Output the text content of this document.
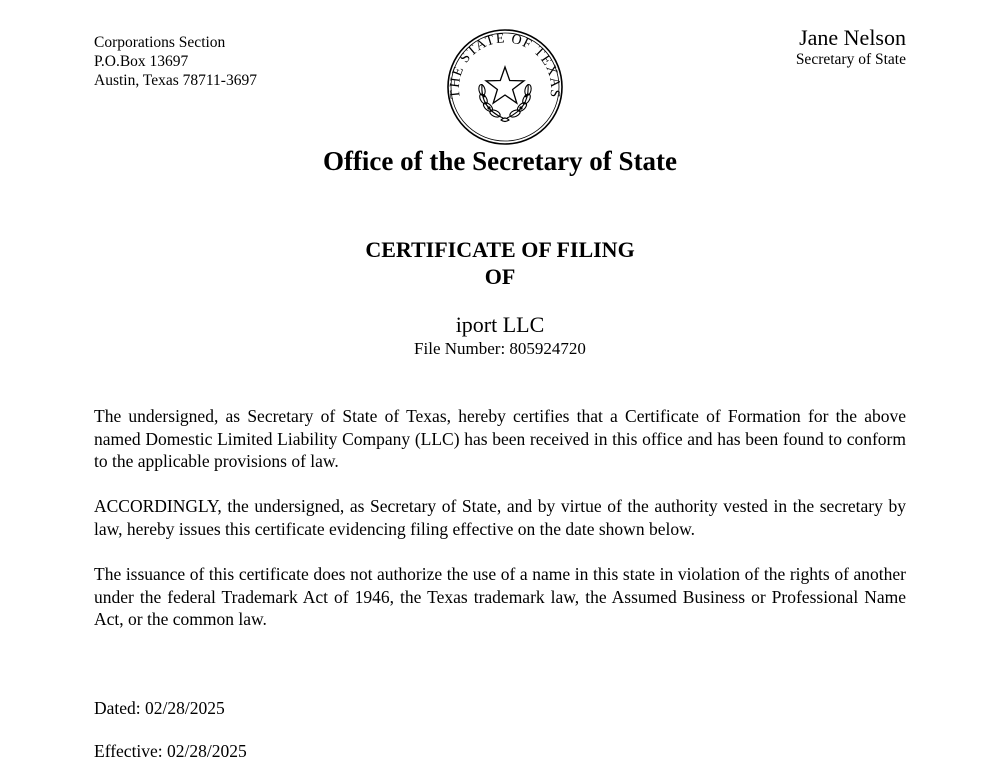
Corporations Section
P.O.Box 13697
Austin, Texas 78711-3697
THE STATE OF TEXAS
Jane Nelson
Secretary of State
Office of the Secretary of State
CERTIFICATE OF FILING
OF
iport LLC
File Number: 805924720
The undersigned, as Secretary of State of Texas, hereby certifies that a Certificate of Formation for the above named Domestic Limited Liability Company (LLC) has been received in this office and has been found to conform to the applicable provisions of law.
ACCORDINGLY, the undersigned, as Secretary of State, and by virtue of the authority vested in the secretary by law, hereby issues this certificate evidencing filing effective on the date shown below.
The issuance of this certificate does not authorize the use of a name in this state in violation of the rights of another under the federal Trademark Act of 1946, the Texas trademark law, the Assumed Business or Professional Name Act, or the common law.
Dated: 02/28/2025
Effective: 02/28/2025
